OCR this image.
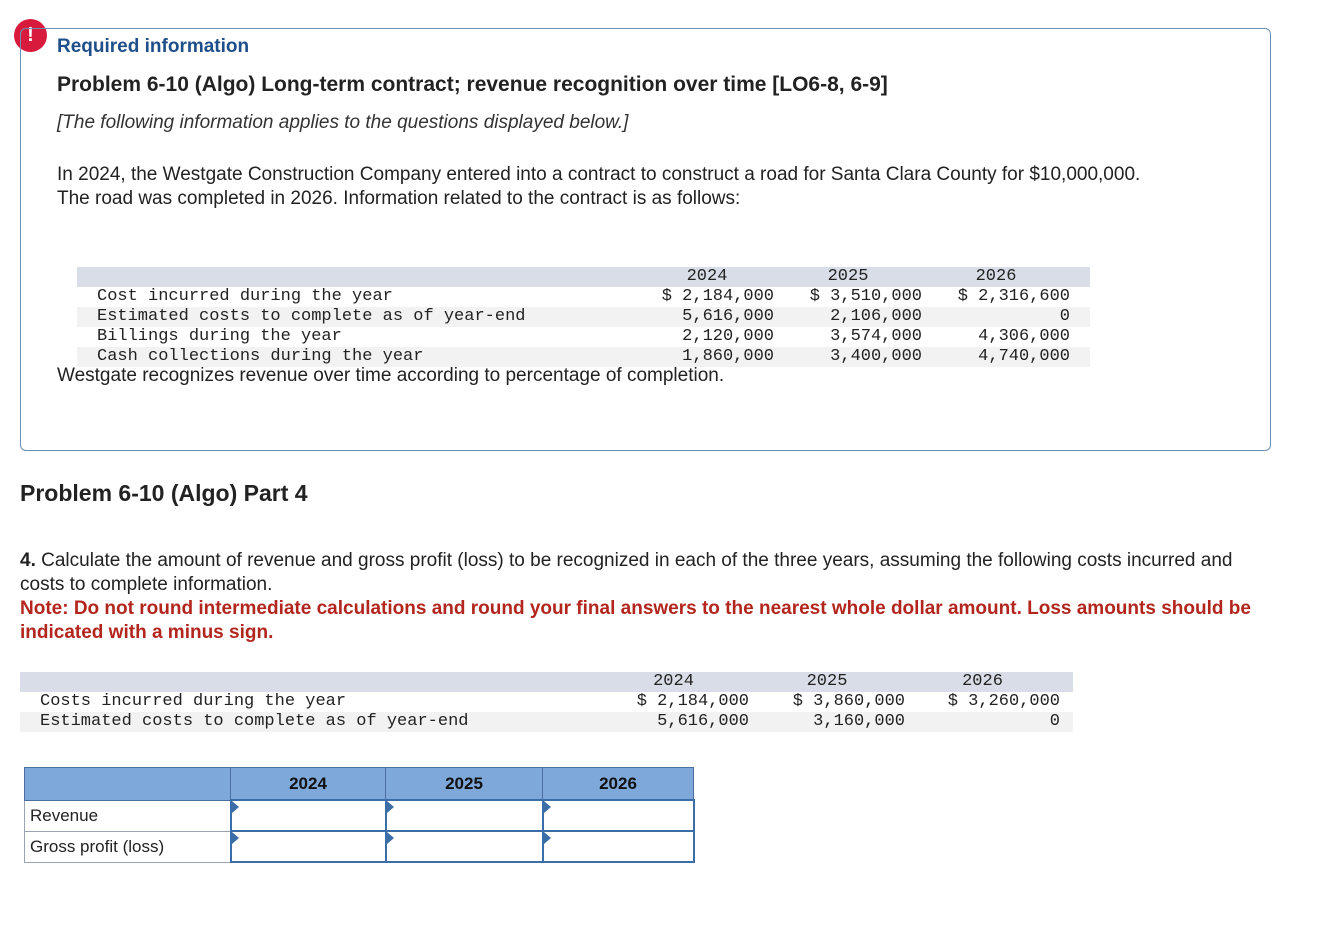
!
Required information
Problem 6-10 (Algo) Long-term contract; revenue recognition over time [LO6-8, 6-9]
[The following information applies to the questions displayed below.]
In 2024, the Westgate Construction Company entered into a contract to construct a road for Santa Clara County for $10,000,000. The road was completed in 2026. Information related to the contract is as follows:
	2024	2025	2026	
Cost incurred during the year	$ 2,184,000	$ 3,510,000	$ 2,316,600	
Estimated costs to complete as of year-end	5,616,000	2,106,000	0	
Billings during the year	2,120,000	3,574,000	4,306,000	
Cash collections during the year	1,860,000	3,400,000	4,740,000	
Westgate recognizes revenue over time according to percentage of completion.
Problem 6-10 (Algo) Part 4
4. Calculate the amount of revenue and gross profit (loss) to be recognized in each of the three years, assuming the following costs incurred and costs to complete information.
Note: Do not round intermediate calculations and round your final answers to the nearest whole dollar amount. Loss amounts should be indicated with a minus sign.
	2024	2025	2026	
Costs incurred during the year	$ 2,184,000	$ 3,860,000	$ 3,260,000	
Estimated costs to complete as of year-end	5,616,000	3,160,000	0	
	2024	2025	2026
Revenue			
Gross profit (loss)			
